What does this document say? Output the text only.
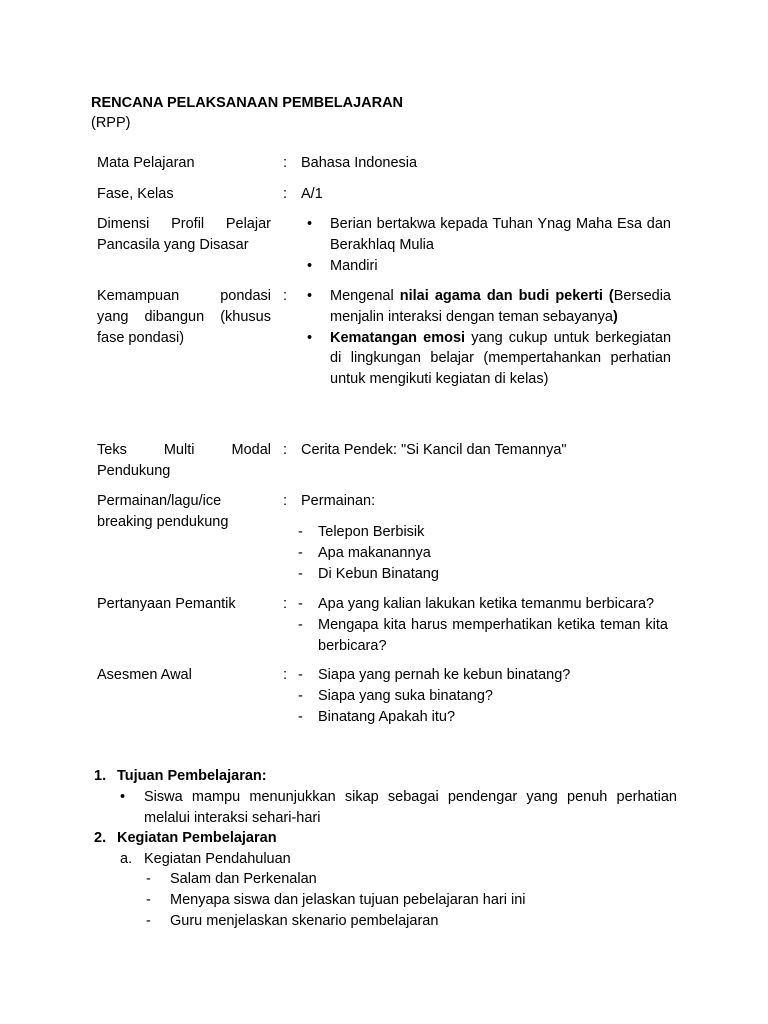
RENCANA PELAKSANAAN PEMBELAJARAN
(RPP)
Mata Pelajaran	: Bahasa Indonesia
Fase, Kelas	: A/1
Dimensi Profil Pelajar
Pancasila yang Disasar
• Berian bertakwa kepada Tuhan Ynag Maha Esa dan Berakhlaq Mulia
• Mandiri
Kemampuan pondasi
yang dibangun (khusus
fase pondasi)
: • Mengenal nilai agama dan budi pekerti (Bersedia menjalin interaksi dengan teman sebayanya)
• Kematangan emosi yang cukup untuk berkegiatan di lingkungan belajar (mempertahankan perhatian untuk mengikuti kegiatan di kelas)
Teks Multi Modal
Pendukung
: Cerita Pendek: "Si Kancil dan Temannya"
Permainan/lagu/ice
breaking pendukung
: Permainan:
- Telepon Berbisik
- Apa makanannya
- Di Kebun Binatang
Pertanyaan Pemantik	: - Apa yang kalian lakukan ketika temanmu berbicara?
- Mengapa kita harus memperhatikan ketika teman kita berbicara?
Asesmen Awal	: - Siapa yang pernah ke kebun binatang?
- Siapa yang suka binatang?
- Binatang Apakah itu?
1. Tujuan Pembelajaran:
• Siswa mampu menunjukkan sikap sebagai pendengar yang penuh perhatian melalui interaksi sehari-hari
2. Kegiatan Pembelajaran
a. Kegiatan Pendahuluan
- Salam dan Perkenalan
- Menyapa siswa dan jelaskan tujuan pebelajaran hari ini
- Guru menjelaskan skenario pembelajaran
